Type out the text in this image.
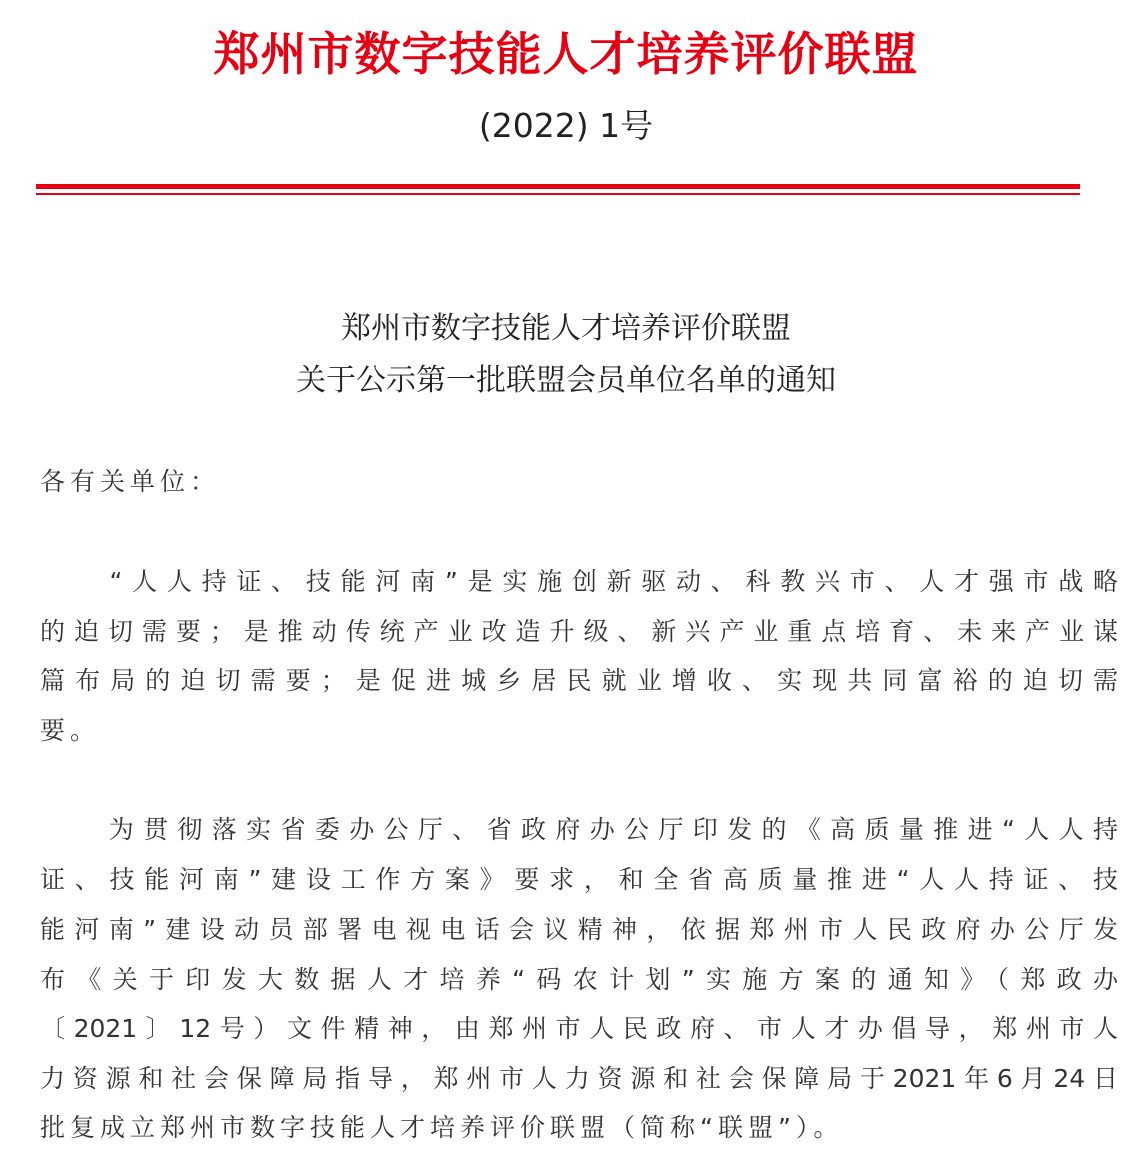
郑州市数字技能人才培养评价联盟
(2022) 1号
郑州市数字技能人才培养评价联盟
关于公示第一批联盟会员单位名单的通知
各有关单位：
　　“人人持证、技能河南”是实施创新驱动、科教兴市、人才强市战略
的迫切需要；是推动传统产业改造升级、新兴产业重点培育、未来产业谋
篇布局的迫切需要；是促进城乡居民就业增收、实现共同富裕的迫切需
要。
　　为贯彻落实省委办公厅、省政府办公厅印发的《高质量推进“人人持
证、技能河南”建设工作方案》要求，和全省高质量推进“人人持证、技
能河南”建设动员部署电视电话会议精神，依据郑州市人民政府办公厅发
布《关于印发大数据人才培养“码农计划”实施方案的通知》（郑政办
〔2021〕12号）文件精神，由郑州市人民政府、市人才办倡导，郑州市人
力资源和社会保障局指导，郑州市人力资源和社会保障局于2021年6月24日
批复成立郑州市数字技能人才培养评价联盟（简称“联盟”）。
